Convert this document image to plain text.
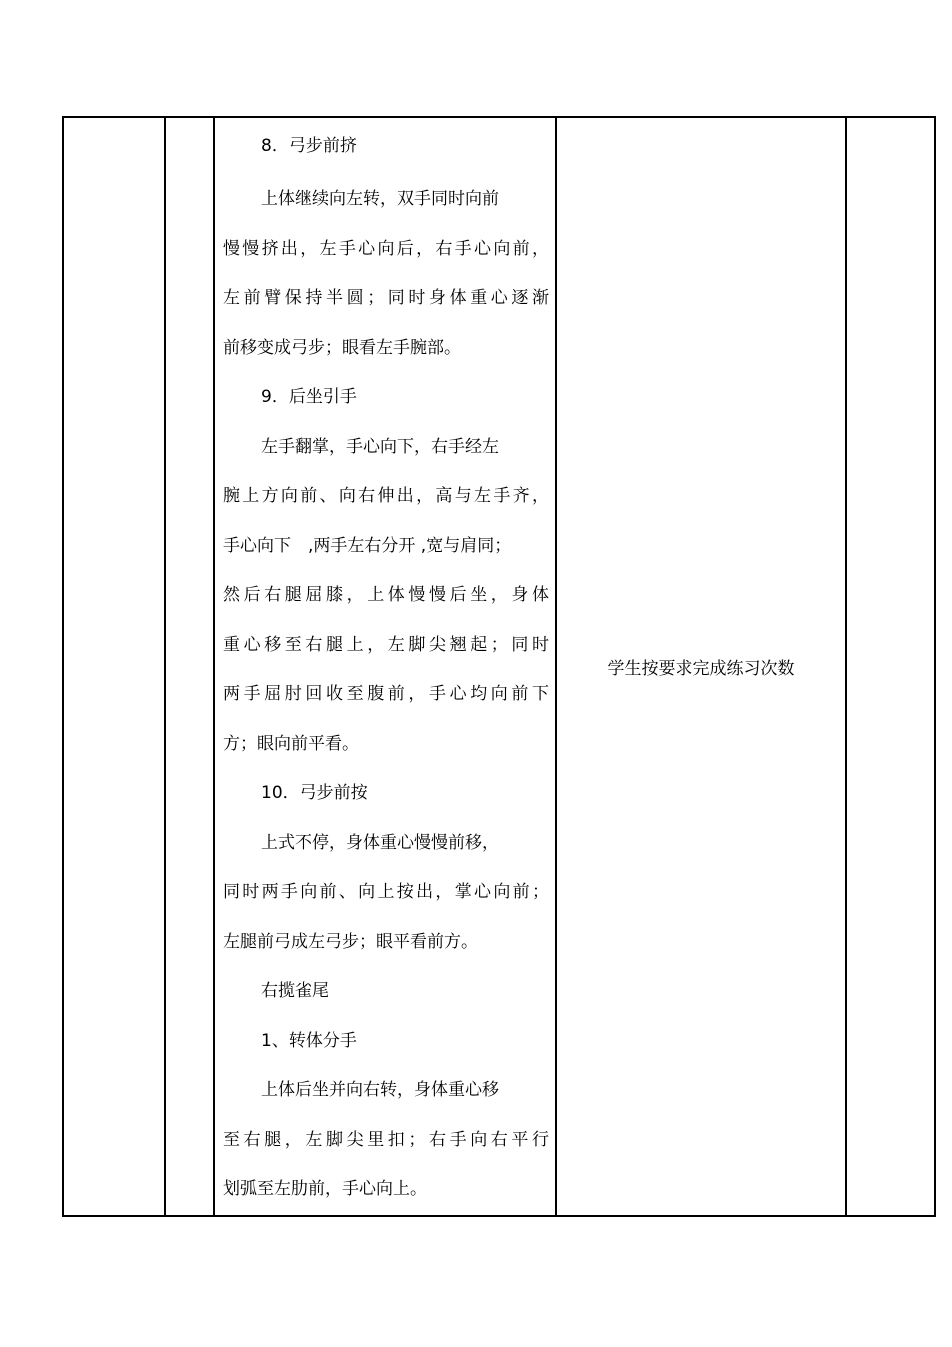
8．弓步前挤
上体继续向左转，双手同时向前
慢慢挤出，左手心向后，右手心向前，
左前臂保持半圆；同时身体重心逐渐
前移变成弓步；眼看左手腕部。
9．后坐引手
左手翻掌，手心向下，右手经左
腕上方向前、向右伸出，高与左手齐，
手心向下　,两手左右分开 ,宽与肩同；
然后右腿屈膝，上体慢慢后坐，身体
重心移至右腿上，左脚尖翘起；同时
两手屈肘回收至腹前，手心均向前下
方；眼向前平看。
10．弓步前按
上式不停，身体重心慢慢前移，
同时两手向前、向上按出，掌心向前；
左腿前弓成左弓步；眼平看前方。
右揽雀尾
1、转体分手
上体后坐并向右转，身体重心移
至右腿，左脚尖里扣；右手向右平行
划弧至左肋前，手心向上。
	学生按要求完成练习次数	
